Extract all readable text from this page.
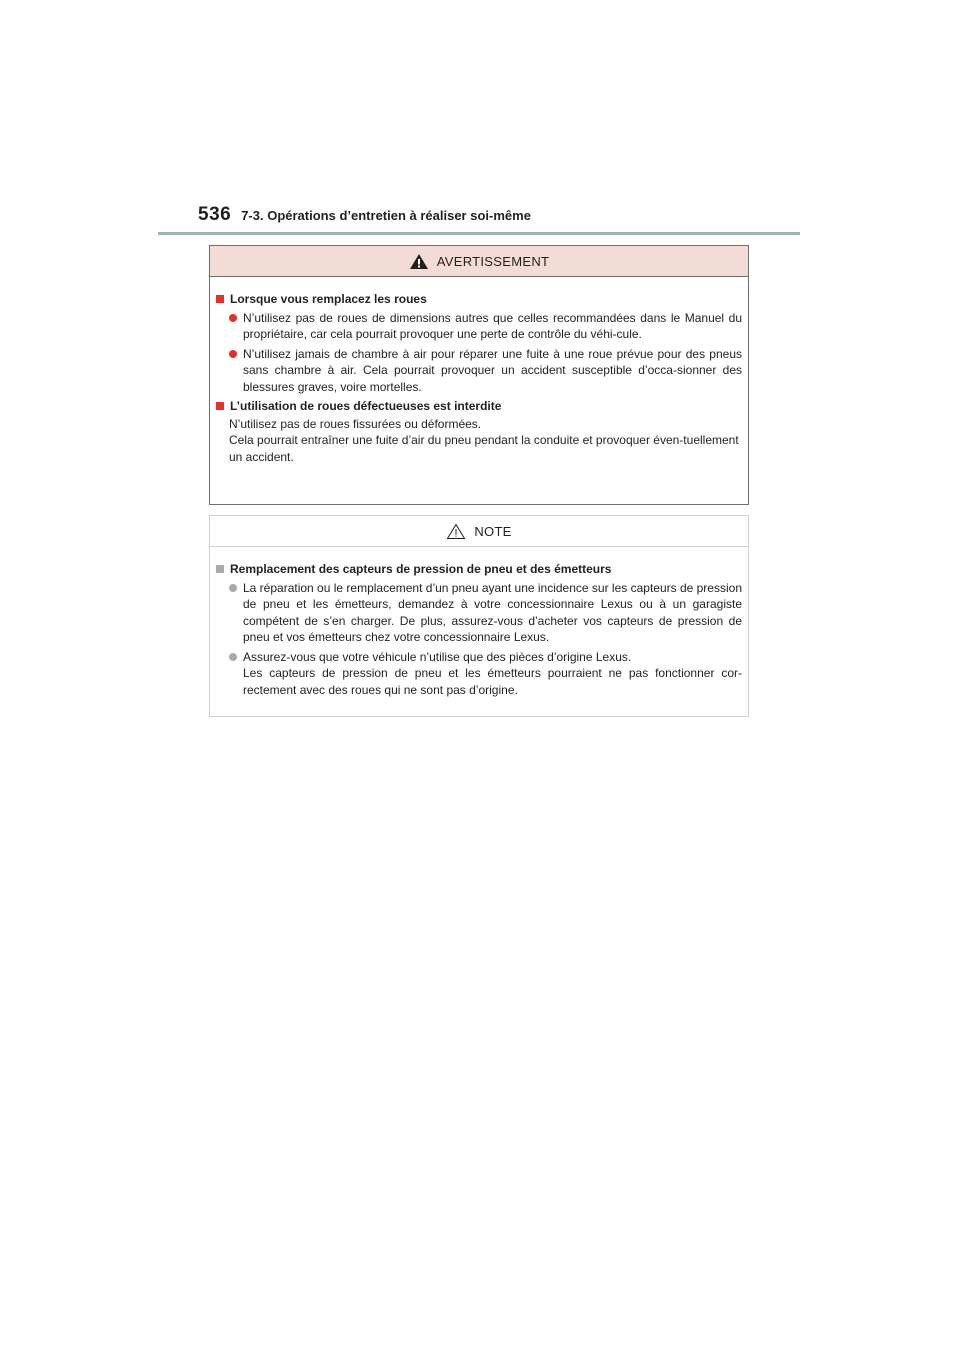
536 7-3. Opérations d’entretien à réaliser soi-même
AVERTISSEMENT
Lorsque vous remplacez les roues
N’utilisez pas de roues de dimensions autres que celles recommandées dans le Manuel du propriétaire, car cela pourrait provoquer une perte de contrôle du véhi-cule.
N’utilisez jamais de chambre à air pour réparer une fuite à une roue prévue pour des pneus sans chambre à air. Cela pourrait provoquer un accident susceptible d’occa-sionner des blessures graves, voire mortelles.
L’utilisation de roues défectueuses est interdite
N’utilisez pas de roues fissurées ou déformées.
Cela pourrait entraîner une fuite d’air du pneu pendant la conduite et provoquer éven-tuellement un accident.
NOTE
Remplacement des capteurs de pression de pneu et des émetteurs
La réparation ou le remplacement d’un pneu ayant une incidence sur les capteurs de pression de pneu et les émetteurs, demandez à votre concessionnaire Lexus ou à un garagiste compétent de s’en charger. De plus, assurez-vous d’acheter vos capteurs de pression de pneu et vos émetteurs chez votre concessionnaire Lexus.
Assurez-vous que votre véhicule n’utilise que des pièces d’origine Lexus.
Les capteurs de pression de pneu et les émetteurs pourraient ne pas fonctionner cor-rectement avec des roues qui ne sont pas d’origine.
